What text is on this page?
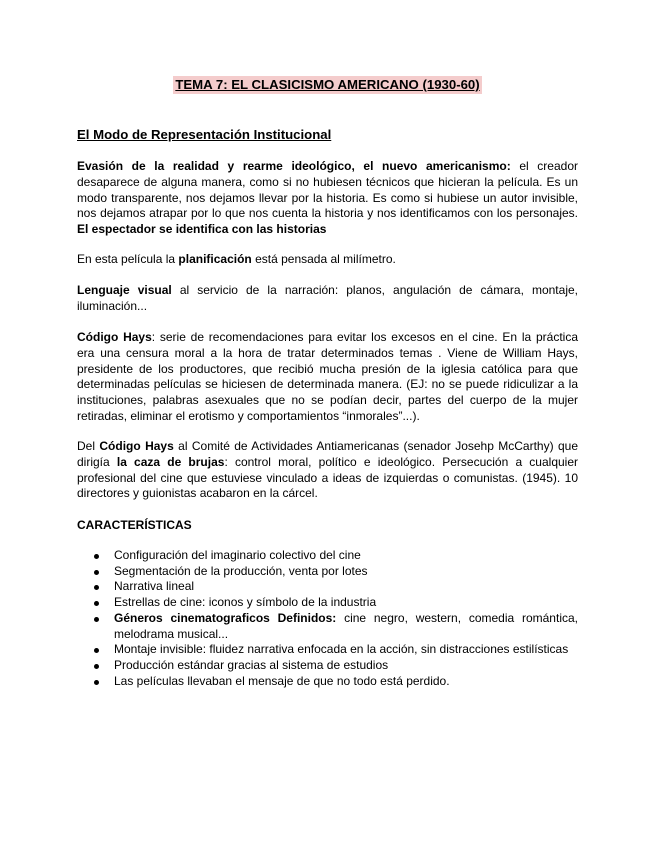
TEMA 7: EL CLASICISMO AMERICANO (1930-60)
El Modo de Representación Institucional
Evasión de la realidad y rearme ideológico, el nuevo americanismo: el creador desaparece de alguna manera, como si no hubiesen técnicos que hicieran la película. Es un modo transparente, nos dejamos llevar por la historia. Es como si hubiese un autor invisible, nos dejamos atrapar por lo que nos cuenta la historia y nos identificamos con los personajes. El espectador se identifica con las historias
En esta película la planificación está pensada al milímetro.
Lenguaje visual al servicio de la narración: planos, angulación de cámara, montaje, iluminación...
Código Hays: serie de recomendaciones para evitar los excesos en el cine. En la práctica era una censura moral a la hora de tratar determinados temas . Viene de William Hays, presidente de los productores, que recibió mucha presión de la iglesia católica para que determinadas películas se hiciesen de determinada manera. (EJ: no se puede ridiculizar a la instituciones, palabras asexuales que no se podían decir, partes del cuerpo de la mujer retiradas, eliminar el erotismo y comportamientos “inmorales”...).
Del Código Hays al Comité de Actividades Antiamericanas (senador Josehp McCarthy) que dirigía la caza de brujas: control moral, político e ideológico. Persecución a cualquier profesional del cine que estuviese vinculado a ideas de izquierdas o comunistas. (1945). 10 directores y guionistas acabaron en la cárcel.
CARACTERÍSTICAS
Configuración del imaginario colectivo del cine
Segmentación de la producción, venta por lotes
Narrativa lineal
Estrellas de cine: iconos y símbolo de la industria
Géneros cinematograficos Definidos: cine negro, western, comedia romántica, melodrama musical...
Montaje invisible: fluidez narrativa enfocada en la acción, sin distracciones estilísticas
Producción estándar gracias al sistema de estudios
Las películas llevaban el mensaje de que no todo está perdido.
